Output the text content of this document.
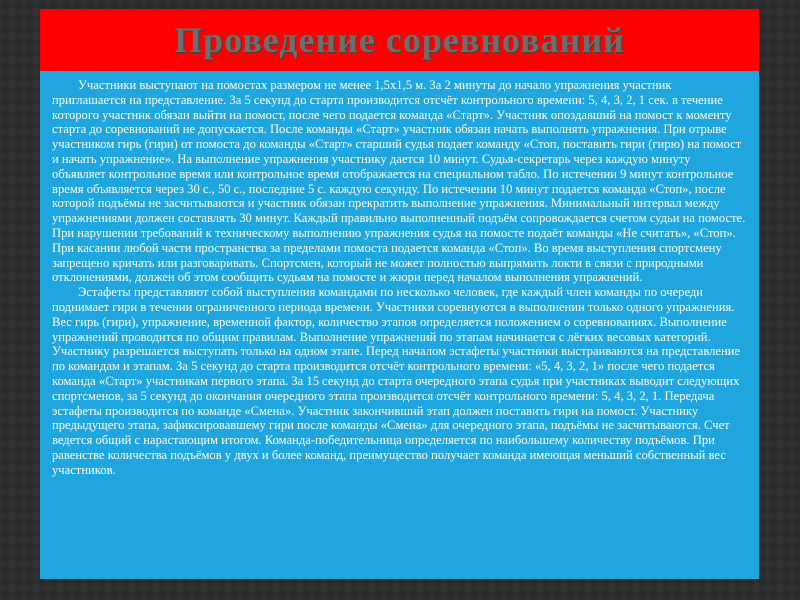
Проведение соревнований

Участники выступают на помостах размером не менее 1,5х1,5 м. За 2 минуты до начало упражнения участник приглашается на представление. За 5 секунд до старта производится отсчёт контрольного времени: 5, 4, 3, 2, 1 сек. в течение которого участник обязан выйти на помост, после чего подается команда «Старт». Участник опоздавший на помост к моменту старта до соревнований не допускается. После команды «Старт» участник обязан начать выполнять упражнения. При отрыве участником гирь (гири) от помоста до команды «Старт» старший судья подает команду «Стоп, поставить гири (гирю) на помост и начать упражнение». На выполнение упражнения участнику дается 10 минут. Судья-секретарь через каждую минуту объявляет контрольное время или контрольное время отображается на специальном табло. По истечении 9 минут контрольное время объявляется через 30 с., 50 с., последние 5 с. каждую секунду. По истечении 10 минут подается команда «Стоп», после которой подъёмы не засчитываются и участник обязан прекратить выполнение упражнения. Минимальный интервал между упражнениями должен составлять 30 минут. Каждый правильно выполненный подъём сопровождается счетом судьи на помосте. При нарушении требований к техническому выполнению упражнения судья на помосте подаёт команды «Не считать», «Стоп». При касании любой части пространства за пределами помоста подается команда «Стоп». Во время выступления спортсмену запрещено кричать или разговаривать. Спортсмен, который не может полностью выпрямить локти в связи с природными отклонениями, должен об этом сообщить судьям на помосте и жюри перед началом выполнения упражнений.

Эстафеты представляют собой выступления командами по несколько человек, где каждый член команды по очереди поднимает гири в течении ограниченного периода времени. Участники соревнуются в выполнении только одного упражнения. Вес гирь (гири), упражнение, временной фактор, количество этапов определяется положением о соревнованиях. Выполнение упражнений проводится по общим правилам. Выполнение упражнений по этапам начинается с лёгких весовых категорий. Участнику разрешается выступать только на одном этапе. Перед началом эстафеты участники выстраиваются на представление по командам и этапам. За 5 секунд до старта производится отсчёт контрольного времени: «5, 4, 3, 2, 1» после чего подается команда «Старт» участникам первого этапа. За 15 секунд до старта очередного этапа судья при участниках выводит следующих спортсменов, за 5 секунд до окончания очередного этапа производится отсчёт контрольного времени: 5, 4, 3, 2, 1. Передача эстафеты производится по команде «Смена». Участник закончивший этап должен поставить гири на помост. Участнику предыдущего этапа, зафиксировавшему гири после команды «Смена» для очередного этапа, подъёмы не засчитываются. Счет ведется общий с нарастающим итогом. Команда-победительница определяется по наибольшему количеству подъёмов. При равенстве количества подъёмов у двух и более команд, преимущество получает команда имеющая меньший собственный вес участников.
